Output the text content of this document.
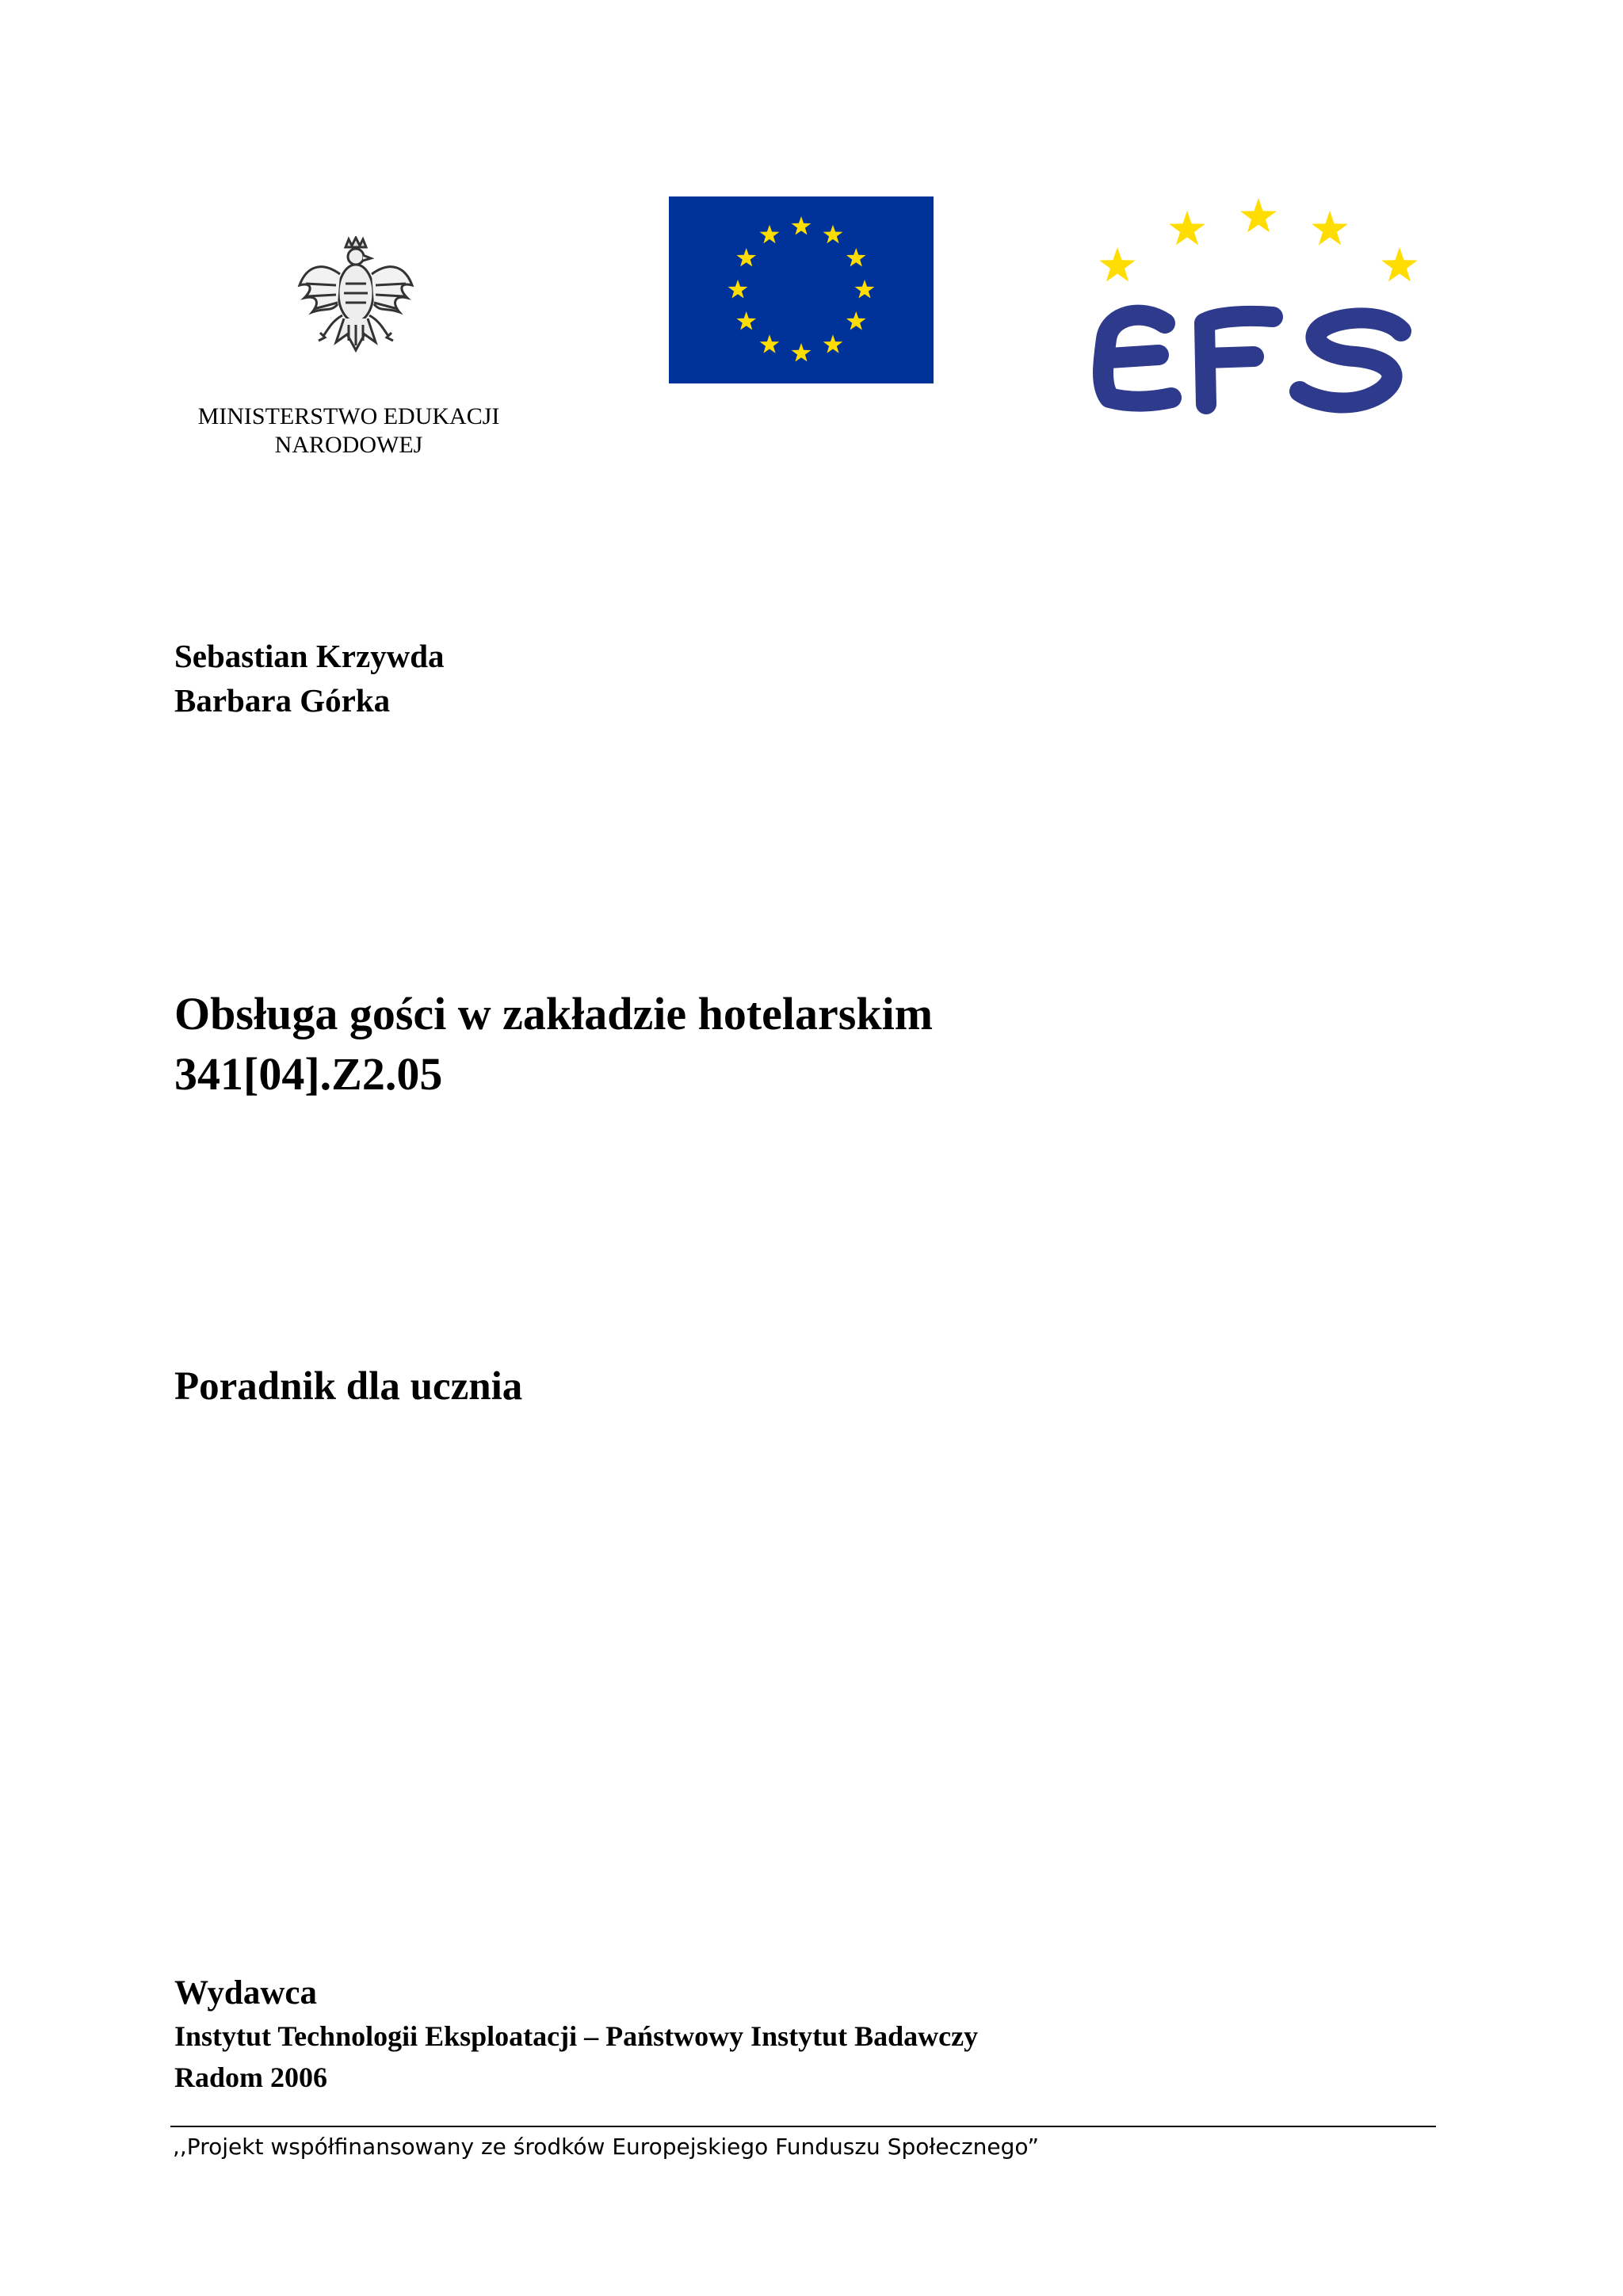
MINISTERSTWO EDUKACJI
NARODOWEJ
Sebastian Krzywda
Barbara Górka
Obsługa gości w zakładzie hotelarskim
341[04].Z2.05
Poradnik dla ucznia
Wydawca
Instytut Technologii Eksploatacji – Państwowy Instytut Badawczy
Radom 2006
,,Projekt współfinansowany ze środków Europejskiego Funduszu Społecznego”
